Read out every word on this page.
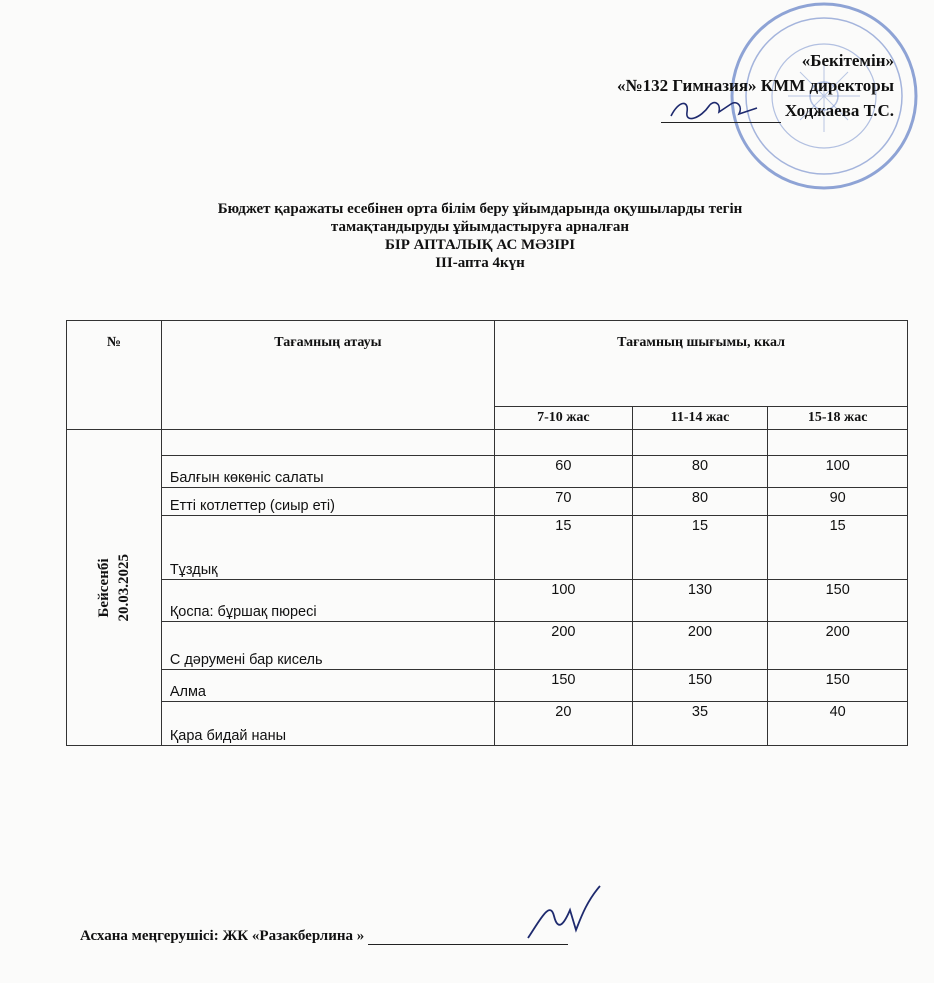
«Бекітемін»
«№132 Гимназия» КММ директоры
Ходжаева Т.С.
Бюджет қаражаты есебінен орта білім беру ұйымдарында оқушыларды тегін
тамақтандыруды ұйымдастыруға арналған
БІР АПТАЛЫҚ АС МӘЗІРІ
ІІІ-апта 4күн
№	Тағамның атауы	Тағамның шығымы, ккал		
		7-10 жас	11-14 жас	15-18 жас

Бейсенбі 20.03.2025				

	Балғын көкөніс салаты	60	80	100
	Етті котлеттер (сиыр еті)	70	80	90
	Тұздық	15	15	15
	Қоспа: бұршақ пюресі	100	130	150
	С дәрумені бар кисель	200	200	200
	Алма	150	150	150
	Қара бидай наны	20	35	40
Асхана меңгерушісі: ЖК «Разакберлина »
